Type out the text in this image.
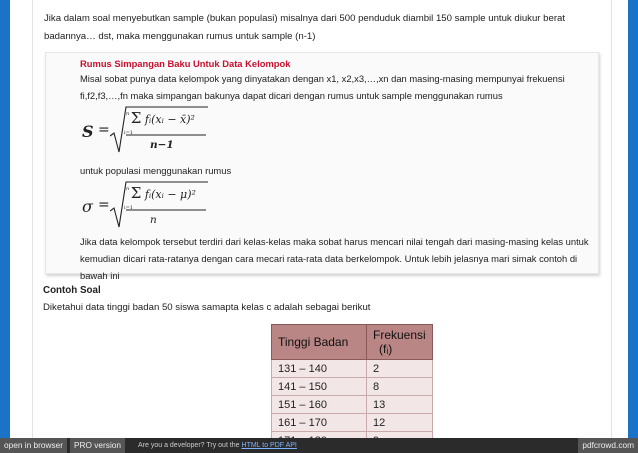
Jika dalam soal menyebutkan sample (bukan populasi) misalnya dari 500 penduduk diambil 150 sample untuk diukur berat badannya… dst, maka menggunakan rumus untuk sample (n-1)
Rumus Simpangan Baku Untuk Data Kelompok
Misal sobat punya data kelompok yang dinyatakan dengan x1, x2,x3,…,xn dan masing-masing mempunyai frekuensi fi,f2,f3,…,fn maka simpangan bakunya dapat dicari dengan rumus untuk sample menggunakan rumus
S =
$^n$ Σ fᵢ(xᵢ − x̄)²
i=1
n−1
untuk populasi menggunakan rumus
σ =
$^n$ Σ fᵢ(xᵢ − μ)²
i=1
n
Jika data kelompok tersebut terdiri dari kelas-kelas maka sobat harus mencari nilai tengah dari masing-masing kelas untuk kemudian dicari rata-ratanya dengan cara mecari rata-rata data berkelompok. Untuk lebih jelasnya mari simak contoh di bawah ini
Contoh Soal
Diketahui data tinggi badan 50 siswa samapta kelas c adalah sebagai berikut
Tinggi Badan	Frekuensi
(fᵢ)
131 – 140	2
141 – 150	8
151 – 160	13
161 – 170	12

open in browser	PRO version	Are you a developer? Try out the HTML to PDF API	pdfcrowd.com
